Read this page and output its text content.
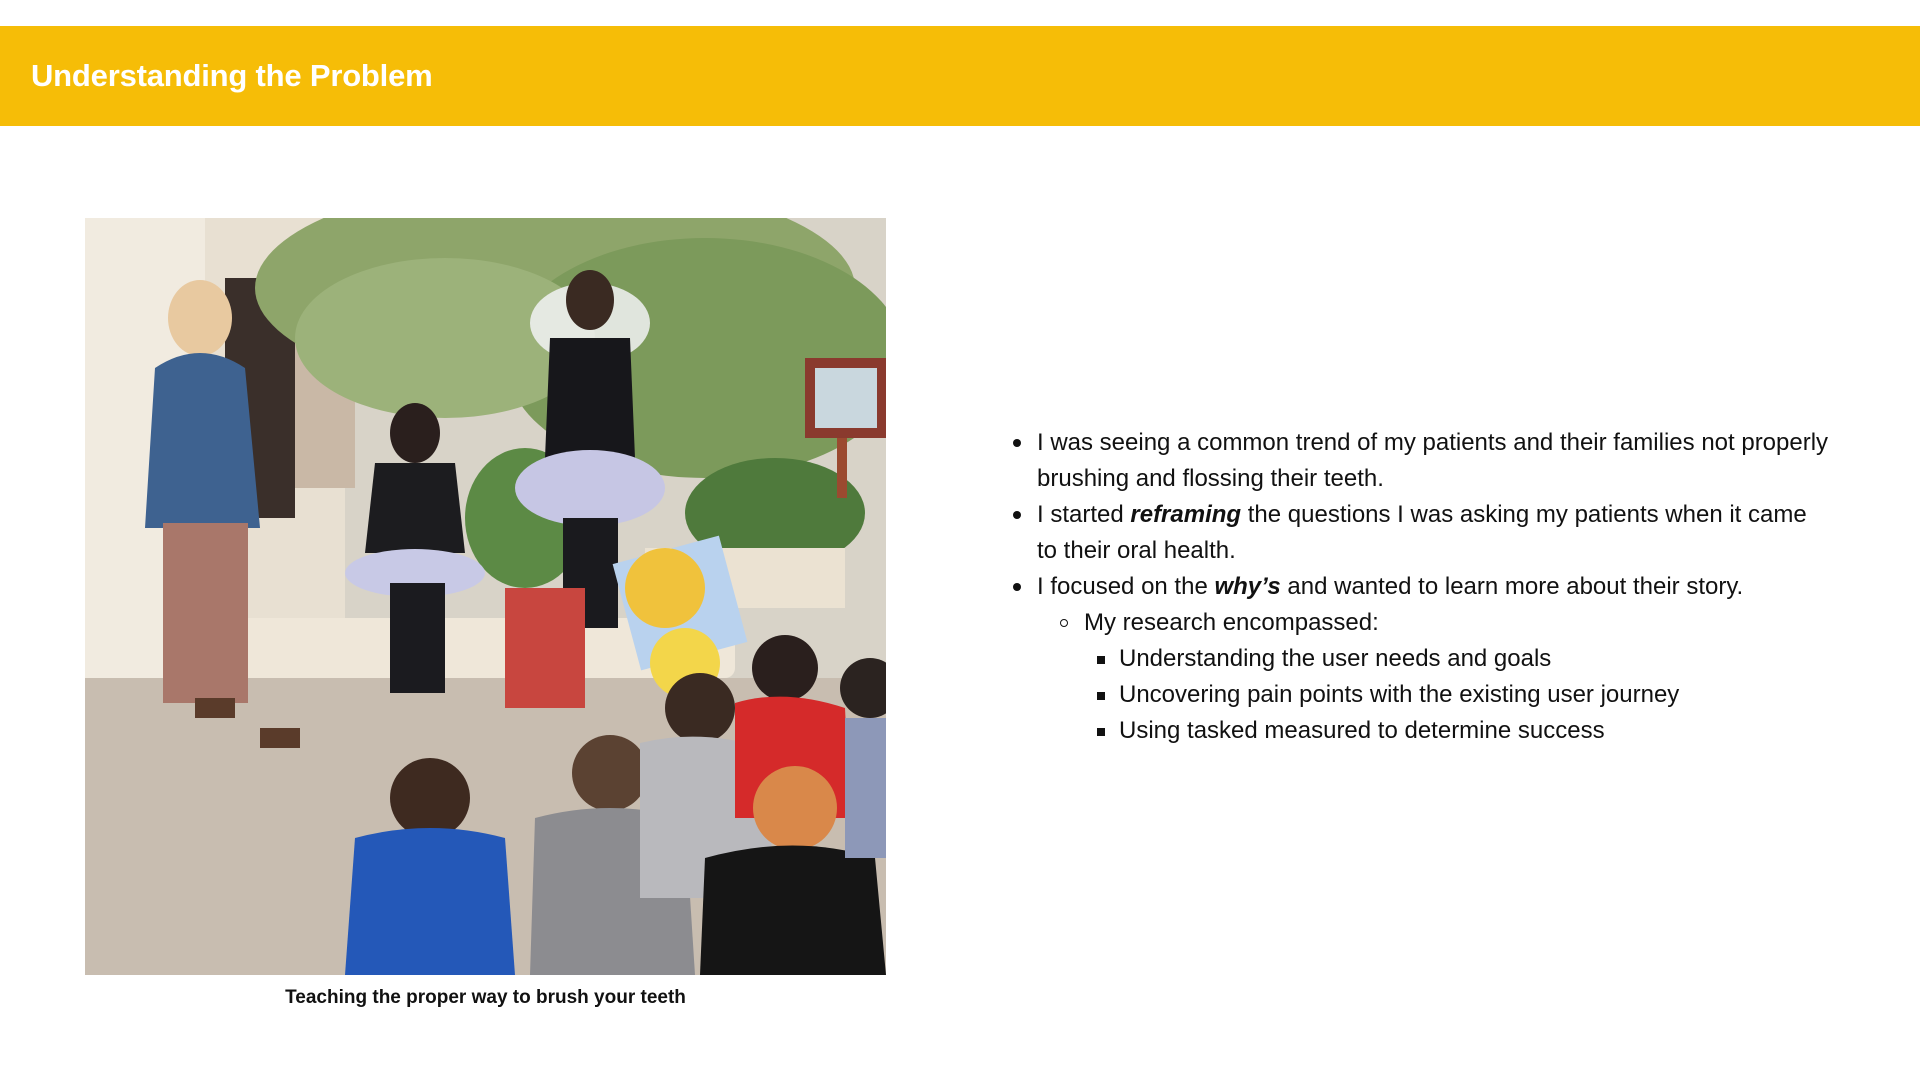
Understanding the Problem
Teaching the proper way to brush your teeth
I was seeing a common trend of my patients and their families not properly brushing and flossing their teeth.
I started reframing the questions I was asking my patients when it came to their oral health.
I focused on the why’s and wanted to learn more about their story.
My research encompassed:
Understanding the user needs and goals
Uncovering pain points with the existing user journey
Using tasked measured to determine success
